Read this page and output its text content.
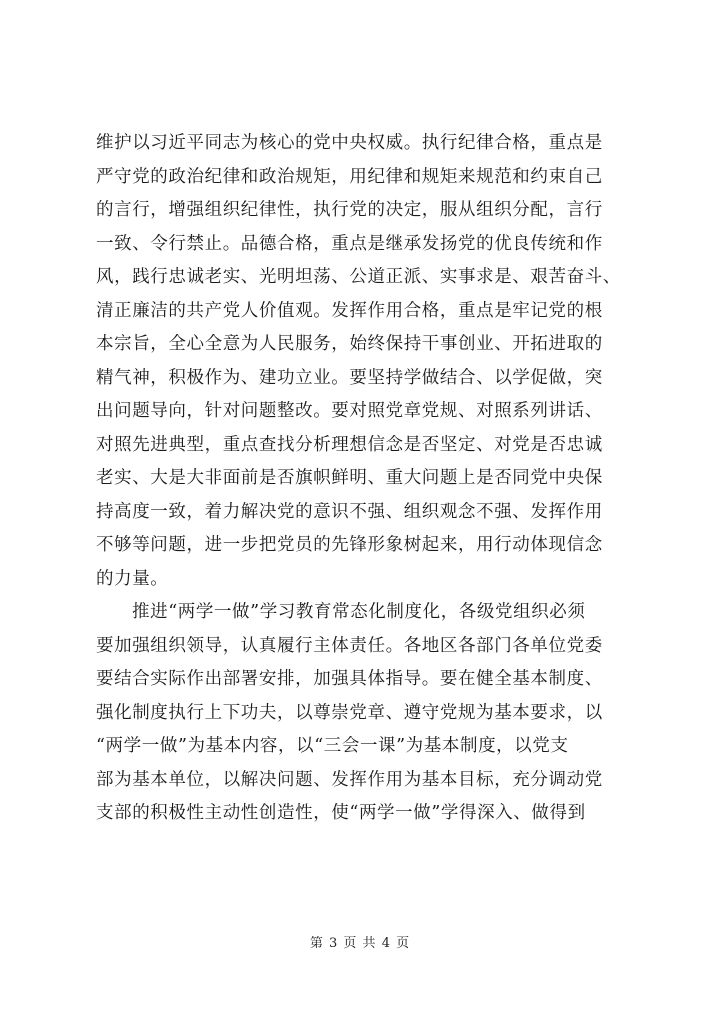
维护以习近平同志为核心的党中央权威。执行纪律合格，重点是
严守党的政治纪律和政治规矩，用纪律和规矩来规范和约束自己
的言行，增强组织纪律性，执行党的决定，服从组织分配，言行
一致、令行禁止。品德合格，重点是继承发扬党的优良传统和作
风，践行忠诚老实、光明坦荡、公道正派、实事求是、艰苦奋斗、
清正廉洁的共产党人价值观。发挥作用合格，重点是牢记党的根
本宗旨，全心全意为人民服务，始终保持干事创业、开拓进取的
精气神，积极作为、建功立业。要坚持学做结合、以学促做，突
出问题导向，针对问题整改。要对照党章党规、对照系列讲话、
对照先进典型，重点查找分析理想信念是否坚定、对党是否忠诚
老实、大是大非面前是否旗帜鲜明、重大问题上是否同党中央保
持高度一致，着力解决党的意识不强、组织观念不强、发挥作用
不够等问题，进一步把党员的先锋形象树起来，用行动体现信念
的力量。
推进“两学一做”学习教育常态化制度化，各级党组织必须
要加强组织领导，认真履行主体责任。各地区各部门各单位党委
要结合实际作出部署安排，加强具体指导。要在健全基本制度、
强化制度执行上下功夫，以尊崇党章、遵守党规为基本要求，以
“两学一做”为基本内容，以“三会一课”为基本制度，以党支
部为基本单位，以解决问题、发挥作用为基本目标，充分调动党
支部的积极性主动性创造性，使“两学一做”学得深入、做得到
第 3 页 共 4 页
